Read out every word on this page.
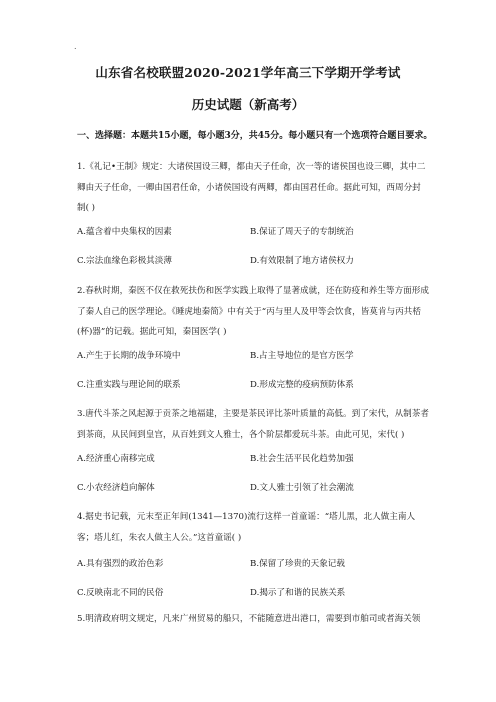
.
山东省名校联盟2020-2021学年高三下学期开学考试
历史试题（新高考）
一、选择题：本题共15小题，每小题3分，共45分。每小题只有一个选项符合题目要求。
1.《礼记•王制》规定：大诸侯国设三卿，都由天子任命，次一等的诸侯国也设三卿，其中二卿由天子任命，一卿由国君任命，小诸侯国设有两卿，都由国君任命。据此可知，西周分封制( )
A.蕴含着中央集权的因素	B.保证了周天子的专制统治
C.宗法血缘色彩极其淡薄	D.有效限制了地方诸侯权力
2.春秋时期，秦医不仅在救死扶伤和医学实践上取得了显著成就，还在防疫和养生等方面形成了秦人自己的医学理论。《睡虎地秦简》中有关于“丙与里人及甲等会饮食，皆莫肯与丙共桮(杯)器”的记载。据此可知，秦国医学( )
A.产生于长期的战争环境中	B.占主导地位的是官方医学
C.注重实践与理论间的联系	D.形成完整的疫病预防体系
3.唐代斗茶之风起源于贡茶之地福建，主要是茶民评比茶叶质量的高低。到了宋代，从制茶者到茶商，从民间到皇宫，从百姓到文人雅士，各个阶层都爱玩斗茶。由此可见，宋代( )
A.经济重心南移完成	B.社会生活平民化趋势加强
C.小农经济趋向解体	D.文人雅士引领了社会潮流
4.据史书记载，元末至正年间(1341—1370)流行这样一首童谣：“塔儿黑，北人做主南人客；塔儿红，朱衣人做主人公。”这首童谣( )
A.具有强烈的政治色彩	B.保留了珍贵的天象记载
C.反映南北不同的民俗	D.揭示了和谐的民族关系
5.明清政府明文规定，凡来广州贸易的船只，不能随意进出港口，需要到市舶司或者海关领
